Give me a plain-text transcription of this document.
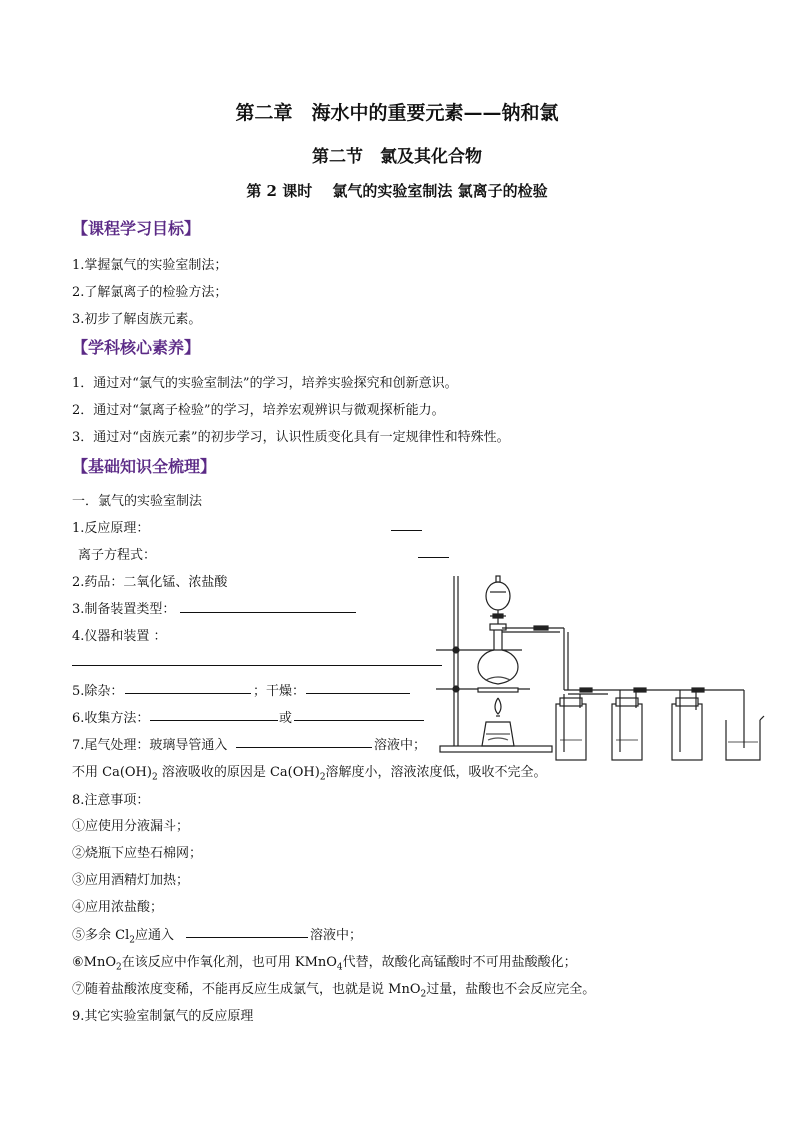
第二章　海水中的重要元素——钠和氯
第二节　氯及其化合物
第 2 课时　 氯气的实验室制法 氯离子的检验
【课程学习目标】
1.掌握氯气的实验室制法；
2.了解氯离子的检验方法；
3.初步了解卤族元素。
【学科核心素养】
1．通过对“氯气的实验室制法”的学习，培养实验探究和创新意识。
2．通过对“氯离子检验”的学习，培养宏观辨识与微观探析能力。
3．通过对“卤族元素”的初步学习，认识性质变化具有一定规律性和特殊性。
【基础知识全梳理】
一．氯气的实验室制法
1.反应原理：
离子方程式：
2.药品：二氧化锰、浓盐酸
3.制备装置类型：
4.仪器和装置 ：
5.除杂：	；干燥：
6.收集方法：	或
7.尾气处理：玻璃导管通入	溶液中；
不用 $Ca(OH)_2$ 溶液吸收的原因是 $Ca(OH)_2$溶解度小，溶液浓度低，吸收不完全。
8.注意事项：
①应使用分液漏斗；
②烧瓶下应垫石棉网；
③应用酒精灯加热；
④应用浓盐酸；
⑤多余 $Cl_2$应通入	溶液中；
⑥MnO$_2$在该反应中作氧化剂，也可用 KMnO$_4$代替，故酸化高锰酸时不可用盐酸酸化；
⑦随着盐酸浓度变稀，不能再反应生成氯气，也就是说 MnO$_2$过量，盐酸也不会反应完全。
9.其它实验室制氯气的反应原理
